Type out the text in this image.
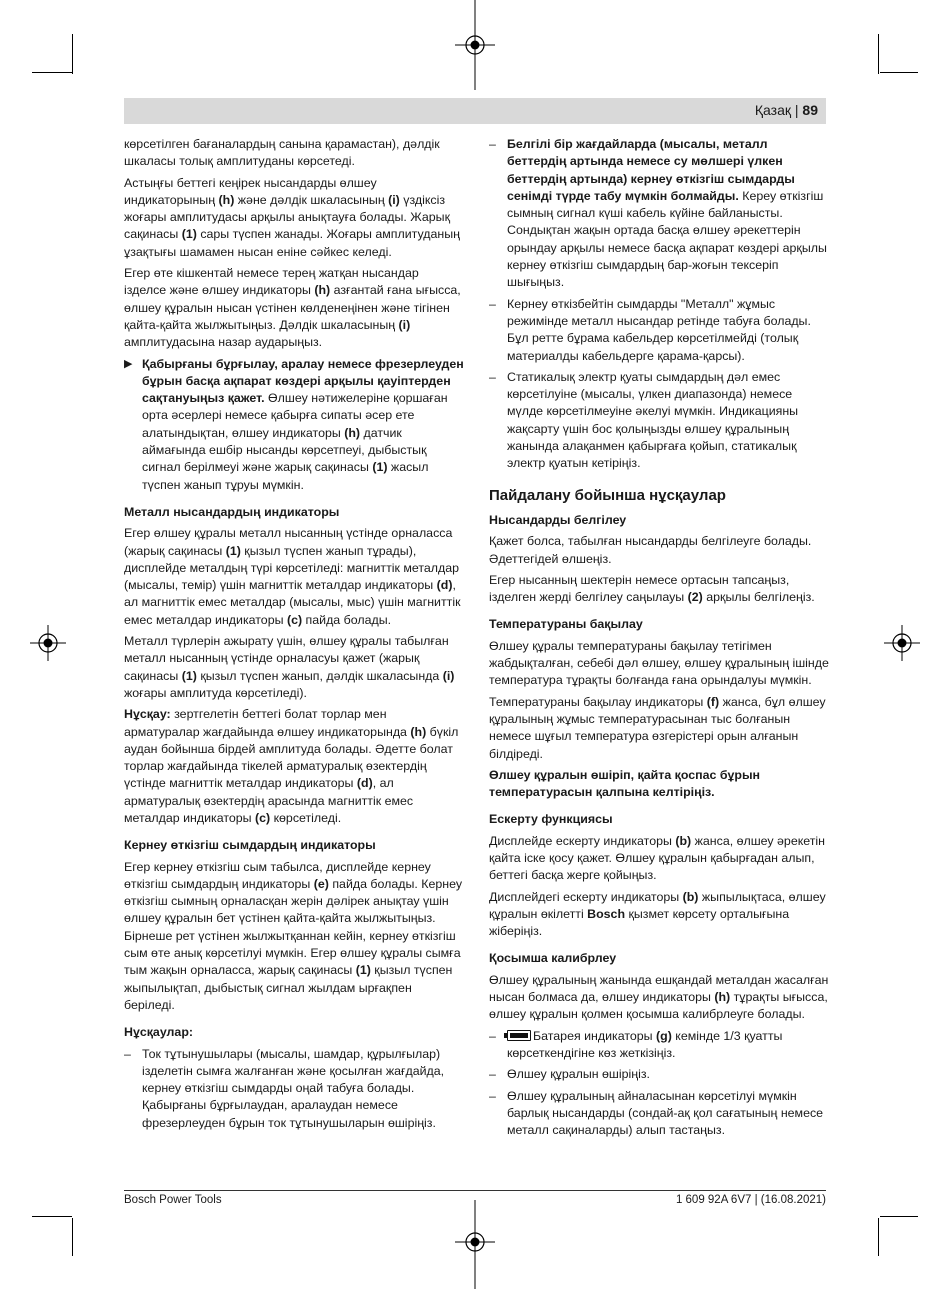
Қазақ | 89

көрсетілген бағаналардың санына қарамастан), дәлдік шкаласы толық амплитуданы көрсетеді.

Астыңғы беттегі кеңірек нысандарды өлшеу индикаторының (h) және дәлдік шкаласының (i) үздіксіз жоғары амплитудасы арқылы анықтауға болады. Жарық сақинасы (1) сары түспен жанады. Жоғары амплитуданың ұзақтығы шамамен нысан еніне сәйкес келеді.

Егер өте кішкентай немесе терең жатқан нысандар ізделсе және өлшеу индикаторы (h) азғантай ғана ығысса, өлшеу құралын нысан үстінен көлденеңінен және тігінен қайта-қайта жылжытыңыз. Дәлдік шкаласының (i) амплитудасына назар аударыңыз.

▶ Қабырғаны бұрғылау, аралау немесе фрезерлеуден бұрын басқа ақпарат көздері арқылы қауіптерден сақтануыңыз қажет. Өлшеу нәтижелеріне қоршаған орта әсерлері немесе қабырға сипаты әсер ете алатындықтан, өлшеу индикаторы (h) датчик аймағында ешбір нысанды көрсетпеуі, дыбыстық сигнал берілмеуі және жарық сақинасы (1) жасыл түспен жанып тұруы мүмкін.
Металл нысандардың индикаторы

Егер өлшеу құралы металл нысанның үстінде орналасса (жарық сақинасы (1) қызыл түспен жанып тұрады), дисплейде металдың түрі көрсетіледі: магниттік металдар (мысалы, темір) үшін магниттік металдар индикаторы (d), ал магниттік емес металдар (мысалы, мыс) үшін магниттік емес металдар индикаторы (c) пайда болады.

Металл түрлерін ажырату үшін, өлшеу құралы табылған металл нысанның үстінде орналасуы қажет (жарық сақинасы (1) қызыл түспен жанып, дәлдік шкаласында (i) жоғары амплитуда көрсетіледі).

Нұсқау: зертгелетін беттегі болат торлар мен арматуралар жағдайында өлшеу индикаторында (h) бүкіл аудан бойынша бірдей амплитуда болады. Әдетте болат торлар жағдайында тікелей арматуралық өзектердің үстінде магниттік металдар индикаторы (d), ал арматуралық өзектердің арасында магниттік емес металдар индикаторы (c) көрсетіледі.

Кернеу өткізгіш сымдардың индикаторы

Егер кернеу өткізгіш сым табылса, дисплейде кернеу өткізгіш сымдардың индикаторы (e) пайда болады. Кернеу өткізгіш сымның орналасқан жерін дәлірек анықтау үшін өлшеу құралын бет үстінен қайта-қайта жылжытыңыз. Бірнеше рет үстінен жылжытқаннан кейін, кернеу өткізгіш сым өте анық көрсетілуі мүмкін. Егер өлшеу құралы сымға тым жақын орналасса, жарық сақинасы (1) қызыл түспен жыпылықтап, дыбыстық сигнал жылдам ырғақпен беріледі.

Нұсқаулар:
– Ток тұтынушылары (мысалы, шамдар, құрылғылар) ізделетін сымға жалғанған және қосылған жағдайда, кернеу өткізгіш сымдарды оңай табуға болады. Қабырғаны бұрғылаудан, аралаудан немесе фрезерлеуден бұрын ток тұтынушыларын өшіріңіз.
– Белгілі бір жағдайларда (мысалы, металл беттердің артында немесе су мөлшері үлкен беттердің артында) кернеу өткізгіш сымдарды сенімді түрде табу мүмкін болмайды. Кереу өткізгіш сымның сигнал күші кабель күйіне байланысты. Сондықтан жақын ортада басқа өлшеу әрекеттерін орындау арқылы немесе басқа ақпарат көздері арқылы кернеу өткізгіш сымдардың бар-жоғын тексеріп шығыңыз.
– Кернеу өткізбейтін сымдарды "Металл" жұмыс режимінде металл нысандар ретінде табуға болады. Бұл ретте бұрама кабельдер көрсетілмейді (толық материалды кабельдерге қарама-қарсы).
– Статикалық электр қуаты сымдардың дәл емес көрсетілуіне (мысалы, үлкен диапазонда) немесе мүлде көрсетілмеуіне әкелуі мүмкін. Индикацияны жақсарту үшін бос қолыңызды өлшеу құралының жанында алақанмен қабырғаға қойып, статикалық электр қуатын кетіріңіз.
Пайдалану бойынша нұсқаулар
Нысандарды белгілеу

Қажет болса, табылған нысандарды белгілеуге болады. Әдеттегідей өлшеңіз.

Егер нысанның шектерін немесе ортасын тапсаңыз, ізделген жерді белгілеу саңылауы (2) арқылы белгілеңіз.

Температураны бақылау

Өлшеу құралы температураны бақылау тетігімен жабдықталған, себебі дәл өлшеу, өлшеу құралының ішінде температура тұрақты болғанда ғана орындалуы мүмкін.

Температураны бақылау индикаторы (f) жанса, бұл өлшеу құралының жұмыс температурасынан тыс болғанын немесе шұғыл температура өзгерістері орын алғанын білдіреді.

Өлшеу құралын өшіріп, қайта қоспас бұрын температурасын қалпына келтіріңіз.

Ескерту функциясы

Дисплейде ескерту индикаторы (b) жанса, өлшеу әрекетін қайта іске қосу қажет. Өлшеу құралын қабырғадан алып, беттегі басқа жерге қойыңыз.

Дисплейдегі ескерту индикаторы (b) жыпылықтаса, өлшеу құралын өкілетті Bosch қызмет көрсету орталығына жіберіңіз.

Қосымша калибрлеу

Өлшеу құралының жанында ешқандай металдан жасалған нысан болмаса да, өлшеу индикаторы (h) тұрақты ығысса, өлшеу құралын қолмен қосымша калибрлеуге болады.

–	Батарея индикаторы (g) кемінде 1/3 қуатты көрсеткендігіне көз жеткізіңіз.
– Өлшеу құралын өшіріңіз.
– Өлшеу құралының айналасынан көрсетілуі мүмкін барлық нысандарды (сондай-ақ қол сағатының немесе металл сақиналарды) алып тастаңыз.
Bosch Power Tools	1 609 92A 6V7 | (16.08.2021)
